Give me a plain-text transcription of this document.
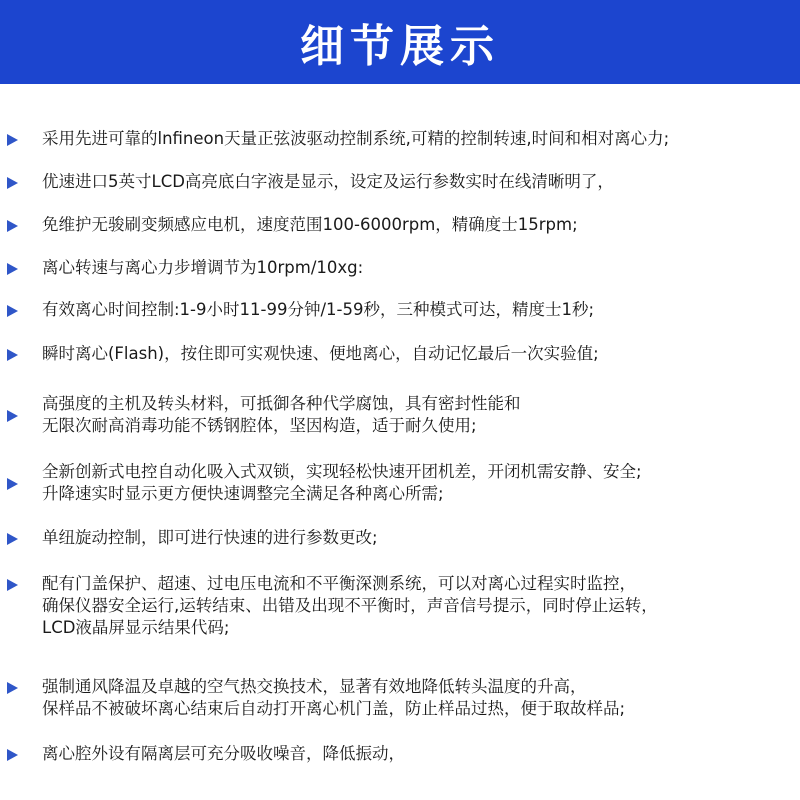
细节展示
采用先进可靠的lnfineon天量正弦波驱动控制系统,可精的控制转速,时间和相对离心力;
优速进口5英寸LCD高亮底白字液是显示，设定及运行参数实时在线清晰明了，
免维护无骏刷变频感应电机，速度范围100-6000rpm，精确度士15rpm;
离心转速与离心力步增调节为10rpm/10xg:
有效离心时间控制:1-9小时11-99分钟/1-59秒，三种模式可达，精度士1秒;
瞬时离心(Flash)，按住即可实观快速、便地离心，自动记忆最后一次实验值;
高强度的主机及转头材料，可抵御各种代学腐蚀，具有密封性能和
无限次耐高消毒功能不锈钢腔体，坚因构造，适于耐久使用;
全新创新式电控自动化吸入式双锁，实现轻松快速开团机差，开闭机需安静、安全;
升降速实时显示更方便快速调整完全满足各种离心所需;
单纽旋动控制，即可进行快速的进行参数更改;
配有门盖保护、超速、过电压电流和不平衡深测系统，可以对离心过程实时监控，
确保仪器安全运行,运转结束、出错及出现不平衡时，声音信号提示，同时停止运转，
LCD液晶屏显示结果代码;
强制通风降温及卓越的空气热交换技术，显著有效地降低转头温度的升高，
保样品不被破坏离心结束后自动打开离心机门盖，防止样品过热，便于取故样品;
离心腔外设有隔离层可充分吸收噪音，降低振动，
